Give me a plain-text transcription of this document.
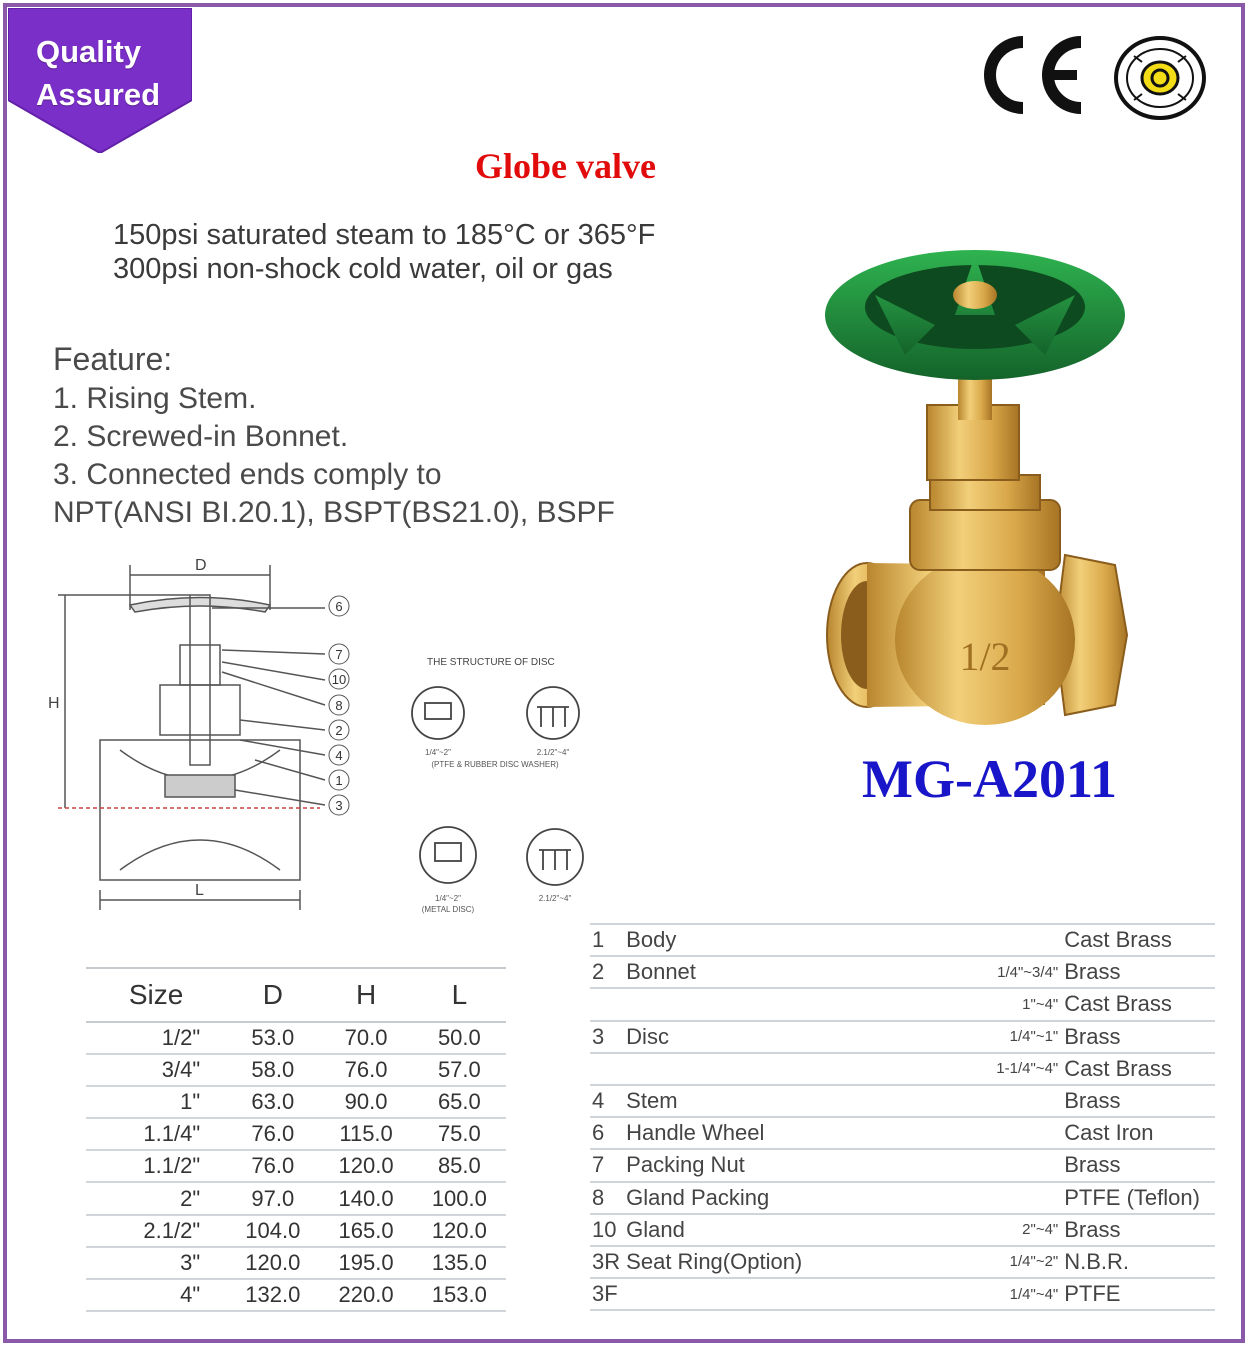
Quality
Assured
Globe valve
150psi saturated steam to 185°C or 365°F
300psi non-shock cold water, oil or gas
Feature:
1. Rising Stem.
2. Screwed-in Bonnet.
3. Connected ends comply to
NPT(ANSI BI.20.1), BSPT(BS21.0), BSPF
1/2
MG-A2011
D
H
L
6
7
10
8
2
4
1
3
THE STRUCTURE OF DISC
1/4"~2"
(PTFE & RUBBER DISC WASHER)
2.1/2"~4"
1/4"~2"
(METAL DISC)
2.1/2"~4"
Size	D	H	L
1/2"	53.0	70.0	50.0
3/4"	58.0	76.0	57.0
1"	63.0	90.0	65.0
1.1/4"	76.0	115.0	75.0
1.1/2"	76.0	120.0	85.0
2"	97.0	140.0	100.0
2.1/2"	104.0	165.0	120.0
3"	120.0	195.0	135.0
4"	132.0	220.0	153.0
1	Body		Cast Brass
2	Bonnet	1/4"~3/4"	Brass
		1"~4"	Cast Brass
3	Disc	1/4"~1"	Brass
		1-1/4"~4"	Cast Brass
4	Stem		Brass
6	Handle Wheel		Cast Iron
7	Packing Nut		Brass
8	Gland Packing		PTFE (Teflon)
10	Gland	2"~4"	Brass
3R	Seat Ring(Option)	1/4"~2"	N.B.R.
3F		1/4"~4"	PTFE
